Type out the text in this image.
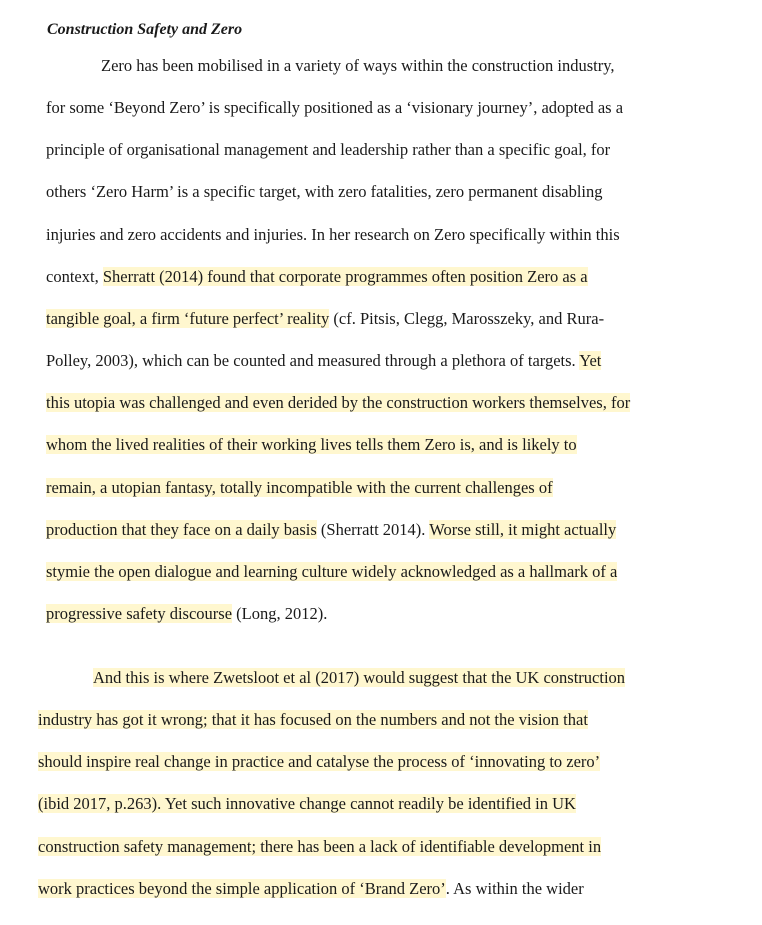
Construction Safety and Zero
Zero has been mobilised in a variety of ways within the construction industry,
for some ‘Beyond Zero’ is specifically positioned as a ‘visionary journey’, adopted as a
principle of organisational management and leadership rather than a specific goal, for
others ‘Zero Harm’ is a specific target, with zero fatalities, zero permanent disabling
injuries and zero accidents and injuries. In her research on Zero specifically within this
context, Sherratt (2014) found that corporate programmes often position Zero as a
tangible goal, a firm ‘future perfect’ reality (cf. Pitsis, Clegg, Marosszeky, and Rura-
Polley, 2003), which can be counted and measured through a plethora of targets. Yet
this utopia was challenged and even derided by the construction workers themselves, for
whom the lived realities of their working lives tells them Zero is, and is likely to
remain, a utopian fantasy, totally incompatible with the current challenges of
production that they face on a daily basis (Sherratt 2014). Worse still, it might actually
stymie the open dialogue and learning culture widely acknowledged as a hallmark of a
progressive safety discourse (Long, 2012).
And this is where Zwetsloot et al (2017) would suggest that the UK construction
industry has got it wrong; that it has focused on the numbers and not the vision that
should inspire real change in practice and catalyse the process of ‘innovating to zero’
(ibid 2017, p.263). Yet such innovative change cannot readily be identified in UK
construction safety management; there has been a lack of identifiable development in
work practices beyond the simple application of ‘Brand Zero’. As within the wider
